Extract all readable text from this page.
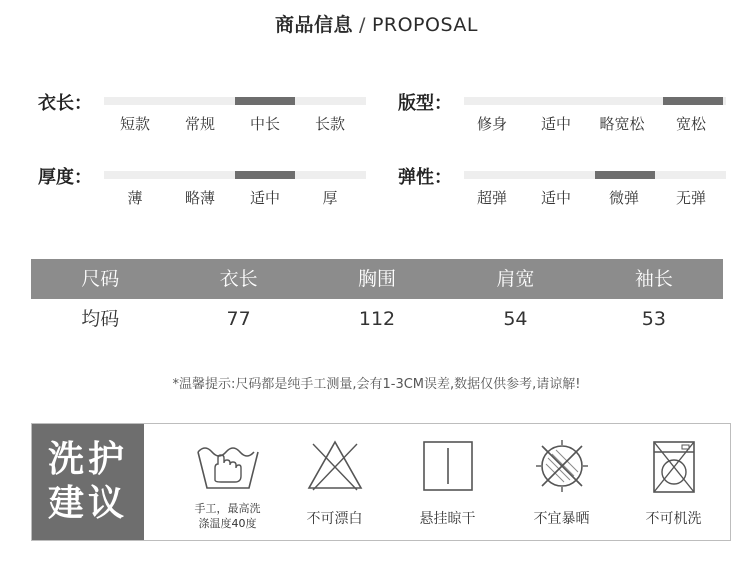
商品信息 / PROPOSAL
衣长：
短款	常规	中长	长款
版型：
修身	适中	略宽松	宽松
厚度：
薄	略薄	适中	厚
弹性：
超弹	适中	微弹	无弹
尺码	衣长	胸围	肩宽	袖长
均码	77	112	54	53
*温馨提示:尺码都是纯手工测量,会有1-3CM误差,数据仅供参考,请谅解!
洗护
建议	手工，最高洗
涤温度40度	不可漂白	悬挂晾干	不宜暴晒	不可机洗
